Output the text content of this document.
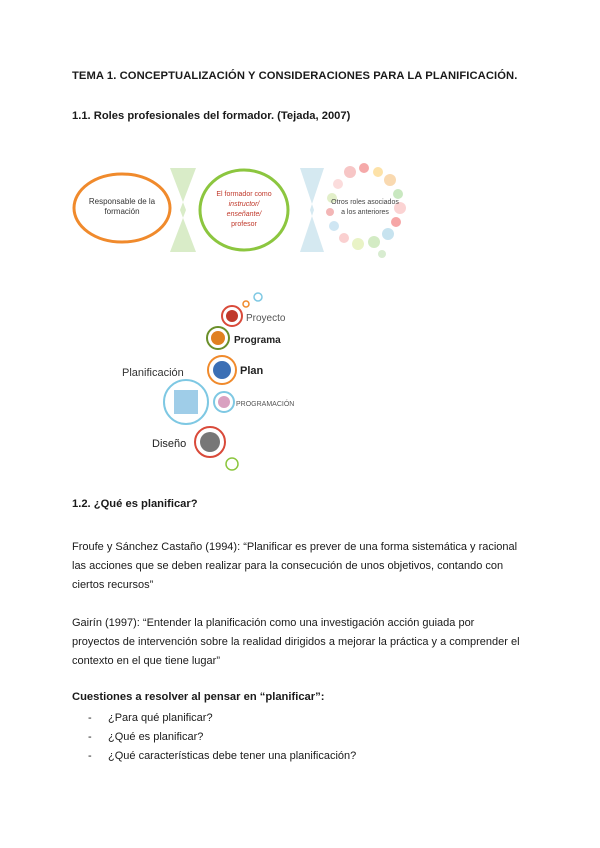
TEMA 1. CONCEPTUALIZACIÓN Y CONSIDERACIONES PARA LA PLANIFICACIÓN.
1.1. Roles profesionales del formador. (Tejada, 2007)
Responsable de la
formación
El formador como
instructor/
enseñante/
profesor
Otros roles asociados
a los anteriores
Proyecto
Programa
Plan
Planificación
PROGRAMACIÓN
Diseño
1.2. ¿Qué es planificar?
Froufe y Sánchez Castaño (1994): “Planificar es prever de una forma sistemática y racional
las acciones que se deben realizar para la consecución de unos objetivos, contando con
ciertos recursos”
Gairín (1997): “Entender la planificación como una investigación acción guiada por
proyectos de intervención sobre la realidad dirigidos a mejorar la práctica y a comprender el
contexto en el que tiene lugar”
Cuestiones a resolver al pensar en “planificar”:
-	¿Para qué planificar?
-	¿Qué es planificar?
-	¿Qué características debe tener una planificación?
